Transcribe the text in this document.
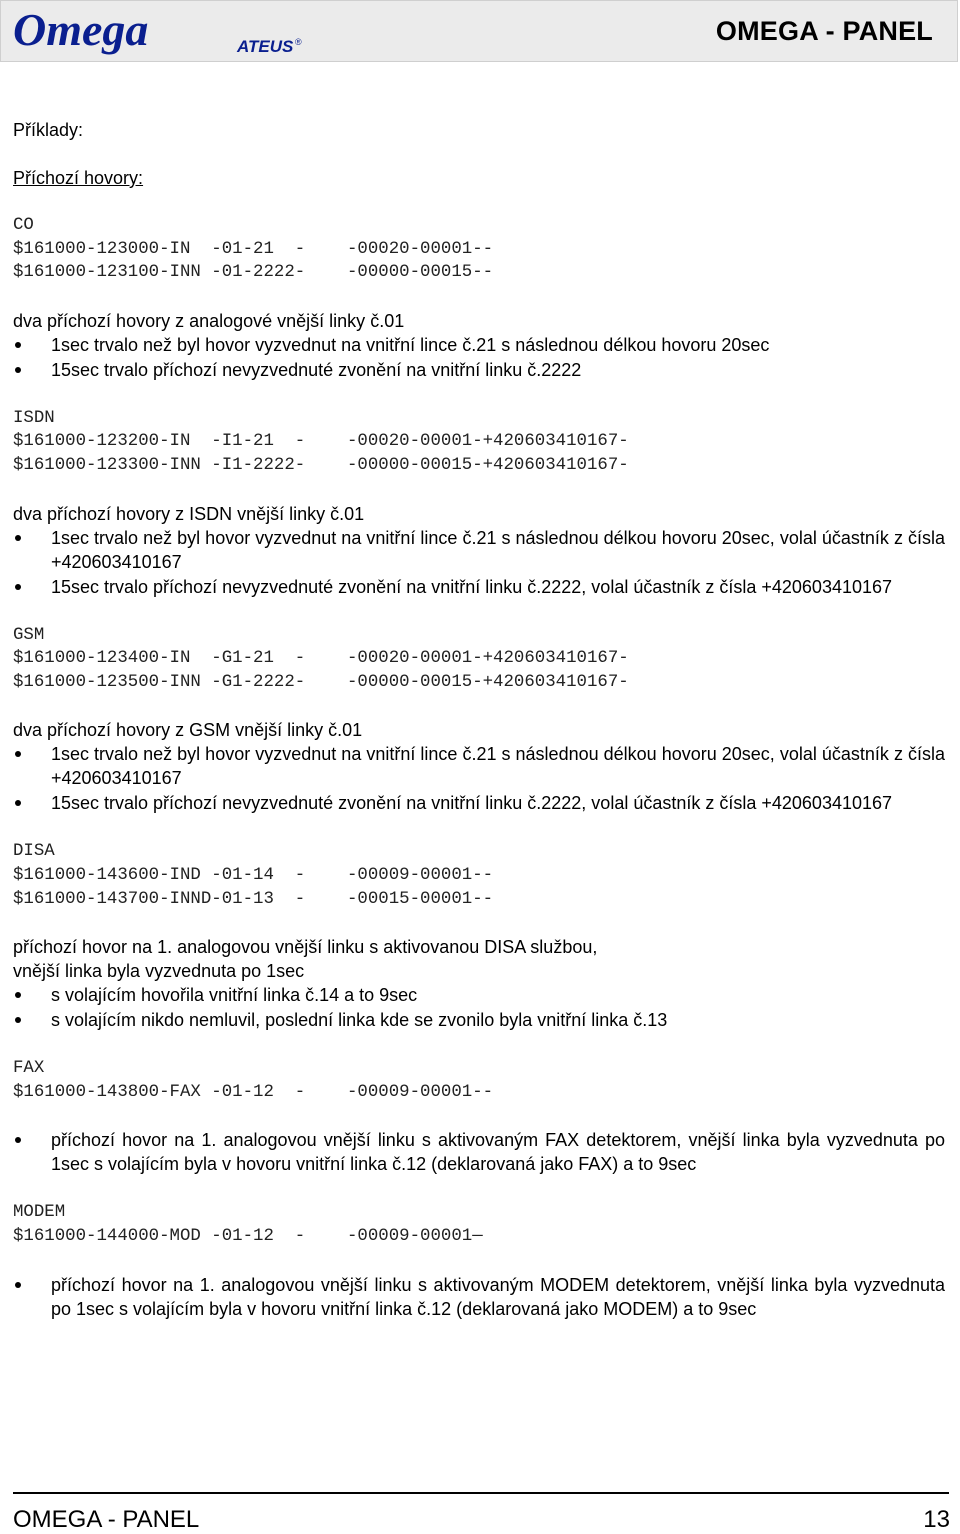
Omega	ATEUS ®	OMEGA - PANEL

Příklady:

Příchozí hovory:

CO
$161000-123000-IN  -01-21  -    -00020-00001--
$161000-123100-INN -01-2222-    -00000-00015--

dva příchozí hovory z analogové vnější linky č.01

1sec trvalo než byl hovor vyzvednut na vnitřní lince č.21 s následnou délkou hovoru 20sec
15sec trvalo příchozí nevyzvednuté zvonění na vnitřní linku č.2222
ISDN
$161000-123200-IN  -I1-21  -    -00020-00001-+420603410167-
$161000-123300-INN -I1-2222-    -00000-00015-+420603410167-

dva příchozí hovory z ISDN vnější linky č.01

1sec trvalo než byl hovor vyzvednut na vnitřní lince č.21 s následnou délkou hovoru 20sec, volal účastník z čísla +420603410167
15sec trvalo příchozí nevyzvednuté zvonění na vnitřní linku č.2222, volal účastník z čísla +420603410167
GSM
$161000-123400-IN  -G1-21  -    -00020-00001-+420603410167-
$161000-123500-INN -G1-2222-    -00000-00015-+420603410167-

dva příchozí hovory z GSM vnější linky č.01

1sec trvalo než byl hovor vyzvednut na vnitřní lince č.21 s následnou délkou hovoru 20sec, volal účastník z čísla +420603410167
15sec trvalo příchozí nevyzvednuté zvonění na vnitřní linku č.2222, volal účastník z čísla +420603410167
DISA
$161000-143600-IND -01-14  -    -00009-00001--
$161000-143700-INND-01-13  -    -00015-00001--

příchozí hovor na 1. analogovou vnější linku s aktivovanou DISA službou,

vnější linka byla vyzvednuta po 1sec

s volajícím hovořila vnitřní linka č.14 a to 9sec
s volajícím nikdo nemluvil, poslední linka kde se zvonilo byla vnitřní linka č.13
FAX
$161000-143800-FAX -01-12  -    -00009-00001--
příchozí hovor na 1. analogovou vnější linku s aktivovaným FAX detektorem, vnější linka byla vyzvednuta po 1sec s volajícím byla v hovoru vnitřní linka č.12 (deklarovaná jako FAX) a to 9sec
MODEM
$161000-144000-MOD -01-12  -    -00009-00001—
příchozí hovor na 1. analogovou vnější linku s aktivovaným MODEM detektorem, vnější linka byla vyzvednuta po 1sec s volajícím byla v hovoru vnitřní linka č.12 (deklarovaná jako MODEM) a to 9sec
OMEGA - PANEL	13
